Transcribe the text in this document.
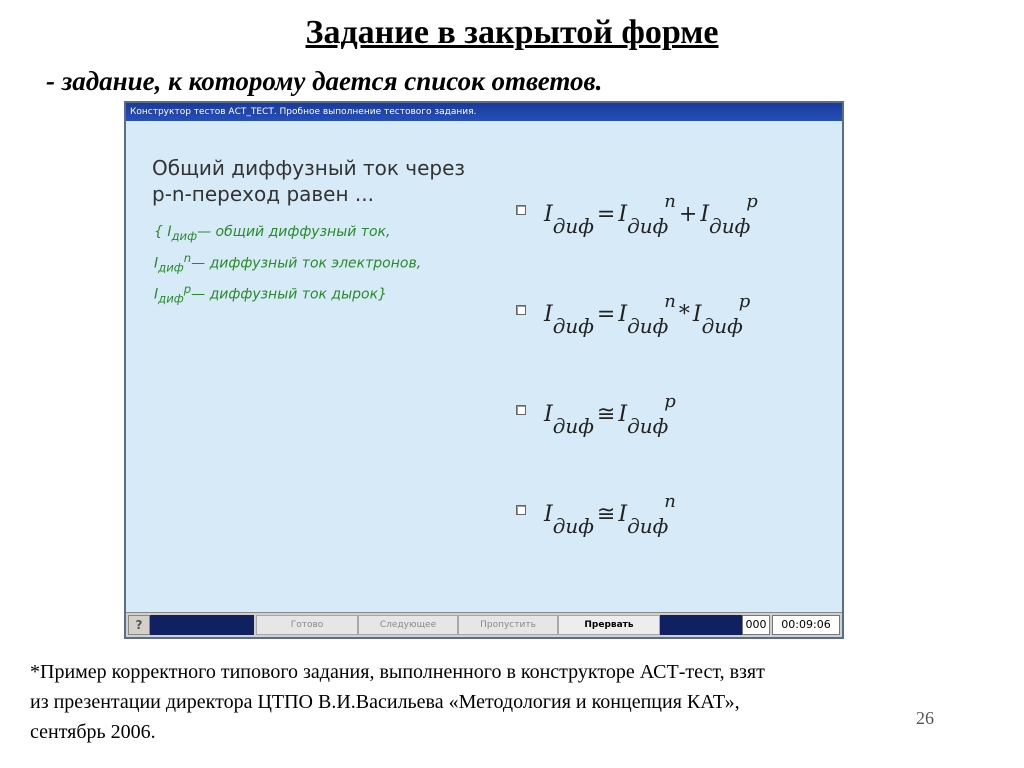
Задание в закрытой форме
- задание, к которому дается список ответов.
Конструктор тестов АСТ_ТЕСТ. Пробное выполнение тестового задания.

Общий диффузный ток через

p-n-переход равен ...

{ $I_{диф}—$ общий диффузный ток,
$I_{диф}^n—$ диффузный ток электронов,
$I_{диф}^p—$ диффузный ток дырок}
Iдиф = Iдиф$^n$+ Iдиф$^p$
Iдиф = Iдиф$^n$* Iдиф$^p$
Iдиф ≅ Iдиф$^p$
Iдиф ≅ Iдиф$^n$
?	Готово	Следующее	Пропустить	Прервать	000	00:09:06

*Пример корректного типового задания, выполненного в конструкторе АСТ-тест, взят

из презентации директора ЦТПО В.И.Васильева «Методология и концепция КАТ»,

сентябрь 2006.

26
